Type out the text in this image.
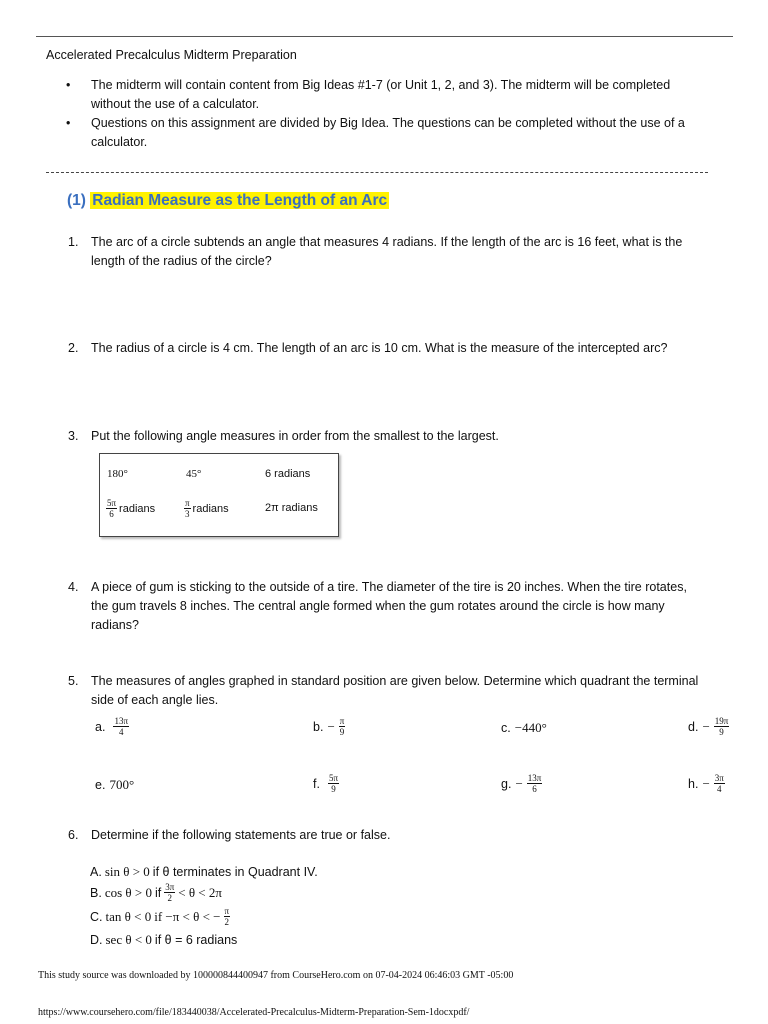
Accelerated Precalculus Midterm Preparation
• The midterm will contain content from Big Ideas #1-7 (or Unit 1, 2, and 3). The midterm will be completed
without the use of a calculator.
• Questions on this assignment are divided by Big Idea. The questions can be completed without the use of a
calculator.
(1) Radian Measure as the Length of an Arc
1. The arc of a circle subtends an angle that measures 4 radians. If the length of the arc is 16 feet, what is the
length of the radius of the circle?
2. The radius of a circle is 4 cm. The length of an arc is 10 cm. What is the measure of the intercepted arc?
3. Put the following angle measures in order from the smallest to the largest.
180°	45°	6 radians
$\frac{5\pi}{6}$ radians	$\frac{\pi}{3}$ radians	2π radians
4. A piece of gum is sticking to the outside of a tire. The diameter of the tire is 20 inches. When the tire rotates,
the gum travels 8 inches. The central angle formed when the gum rotates around the circle is how many
radians?
5. The measures of angles graphed in standard position are given below. Determine which quadrant the terminal
side of each angle lies.
a. $\frac{13\pi}{4}$	b. − $\frac{\pi}{9}$	c. −440°	d. − $\frac{19\pi}{9}$
e. 700°	f. $\frac{5\pi}{9}$	g. − $\frac{13\pi}{6}$	h. − $\frac{3\pi}{4}$
6. Determine if the following statements are true or false.
A. sin θ > 0 if θ terminates in Quadrant IV.
B. cos θ > 0 if $\frac{3\pi}{2} < \theta < 2\pi$
C. tan θ < 0 if −π < θ < − $\frac{\pi}{2}$
D. sec θ < 0 if θ = 6 radians
This study source was downloaded by 100000844400947 from CourseHero.com on 07-04-2024 06:46:03 GMT -05:00
https://www.coursehero.com/file/183440038/Accelerated-Precalculus-Midterm-Preparation-Sem-1docxpdf/
